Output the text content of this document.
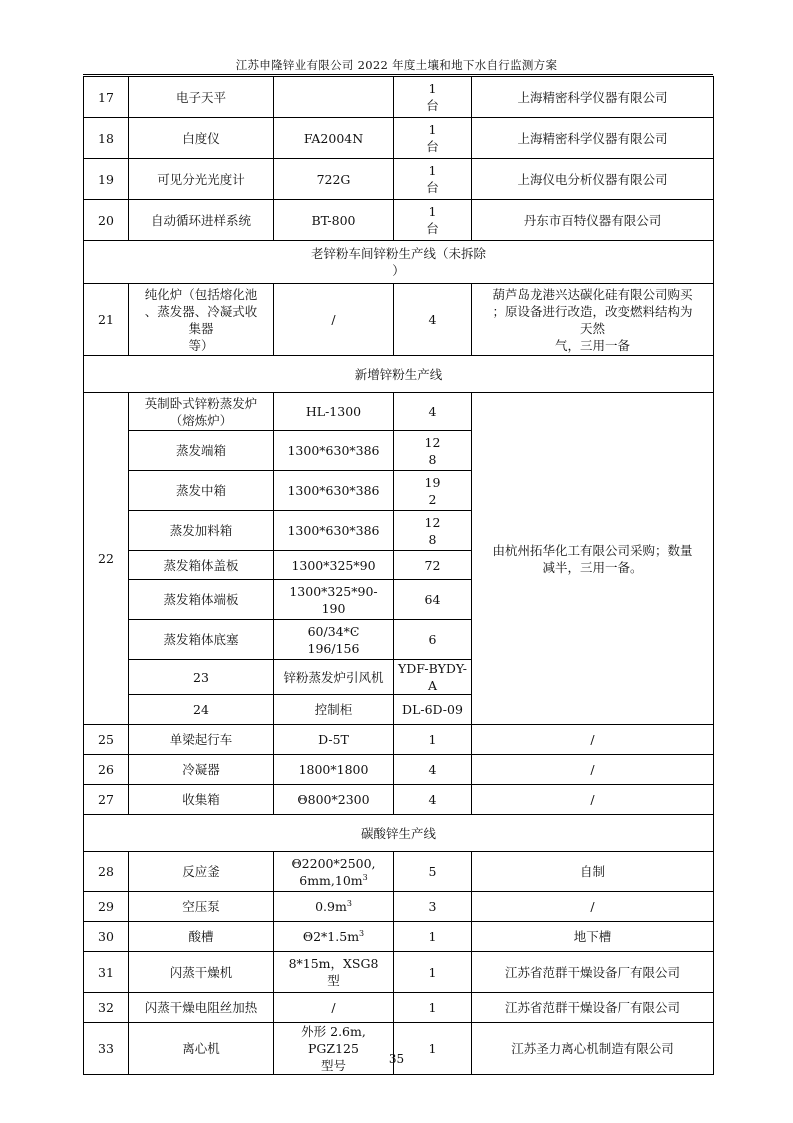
江苏申隆锌业有限公司 2022 年度土壤和地下水自行监测方案
17	电子天平		1
台	上海精密科学仪器有限公司	
18	白度仪	FA2004N	1
台	上海精密科学仪器有限公司	
19	可见分光光度计	722G	1
台	上海仪电分析仪器有限公司	
20	自动循环进样系统	BT-800	1
台	丹东市百特仪器有限公司	
老锌粉车间锌粉生产线（未拆除
）					
21	纯化炉（包括熔化池
、蒸发器、冷凝式收
集器
等）	/	4	葫芦岛龙港兴达碳化硅有限公司购买
；原设备进行改造，改变燃料结构为
天然
气，三用一备	
新增锌粉生产线					
22	英制卧式锌粉蒸发炉
（熔炼炉）	HL-1300	4	由杭州拓华化工有限公司采购；数量
减半，三用一备。	
	蒸发端箱	1300*630*386	12
8		
	蒸发中箱	1300*630*386	19
2		
	蒸发加料箱	1300*630*386	12
8		
	蒸发箱体盖板	1300*325*90	72		
	蒸发箱体端板	1300*325*90-
190	64		
	蒸发箱体底塞	60/34*Ͼ
196/156	6		
	23	锌粉蒸发炉引风机	YDF-BYDY-A	
	24	控制柜	DL-6D-09	
25	单梁起行车	D-5T	1	/	
26	冷凝器	1800*1800	4	/	
27	收集箱	Θ800*2300	4	/	
碳酸锌生产线					
28	反应釜	Θ2200*2500,
$6mm,10m^3$	5	自制	
29	空压泵	$0.9m^3$	3	/	
30	酸槽	$\Theta 2*1.5m^3$	1	地下槽	
31	闪蒸干燥机	8*15m，XSG8
型	1	江苏省范群干燥设备厂有限公司	
32	闪蒸干燥电阻丝加热	/	1	江苏省范群干燥设备厂有限公司	
33	离心机	外形 2.6m,
PGZ125
型号	1	江苏圣力离心机制造有限公司	
35
